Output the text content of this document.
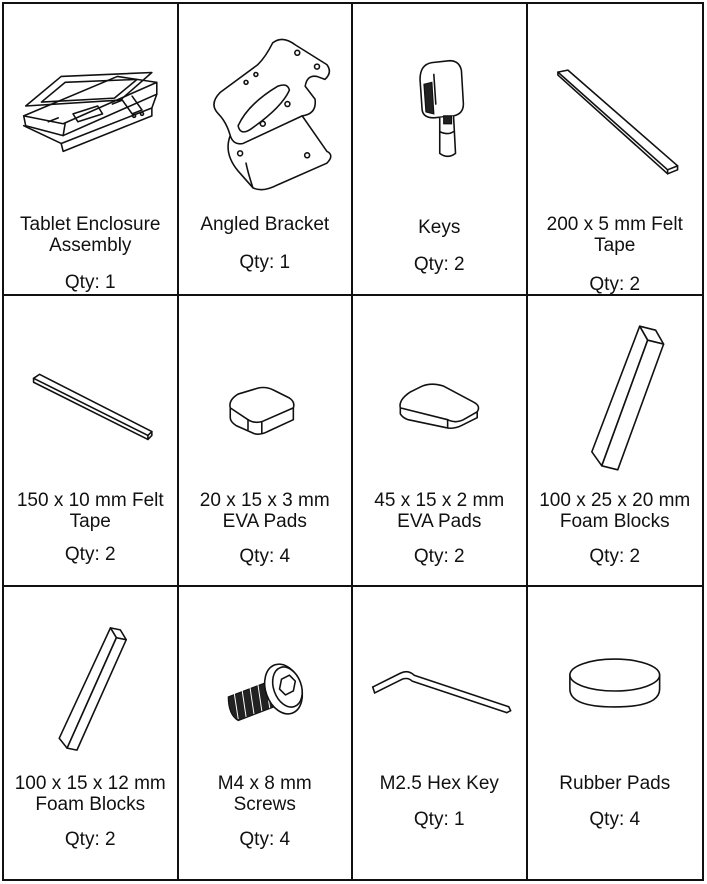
Tablet Enclosure
Assembly
Qty: 1
Angled Bracket
Qty: 1
Keys
Qty: 2
200 x 5 mm Felt
Tape
Qty: 2
150 x 10 mm Felt
Tape
Qty: 2
20 x 15 x 3 mm
EVA Pads
Qty: 4
45 x 15 x 2 mm
EVA Pads
Qty: 2
100 x 25 x 20 mm
Foam Blocks
Qty: 2
100 x 15 x 12 mm
Foam Blocks
Qty: 2
M4 x 8 mm
Screws
Qty: 4
M2.5 Hex Key
Qty: 1
Rubber Pads
Qty: 4
